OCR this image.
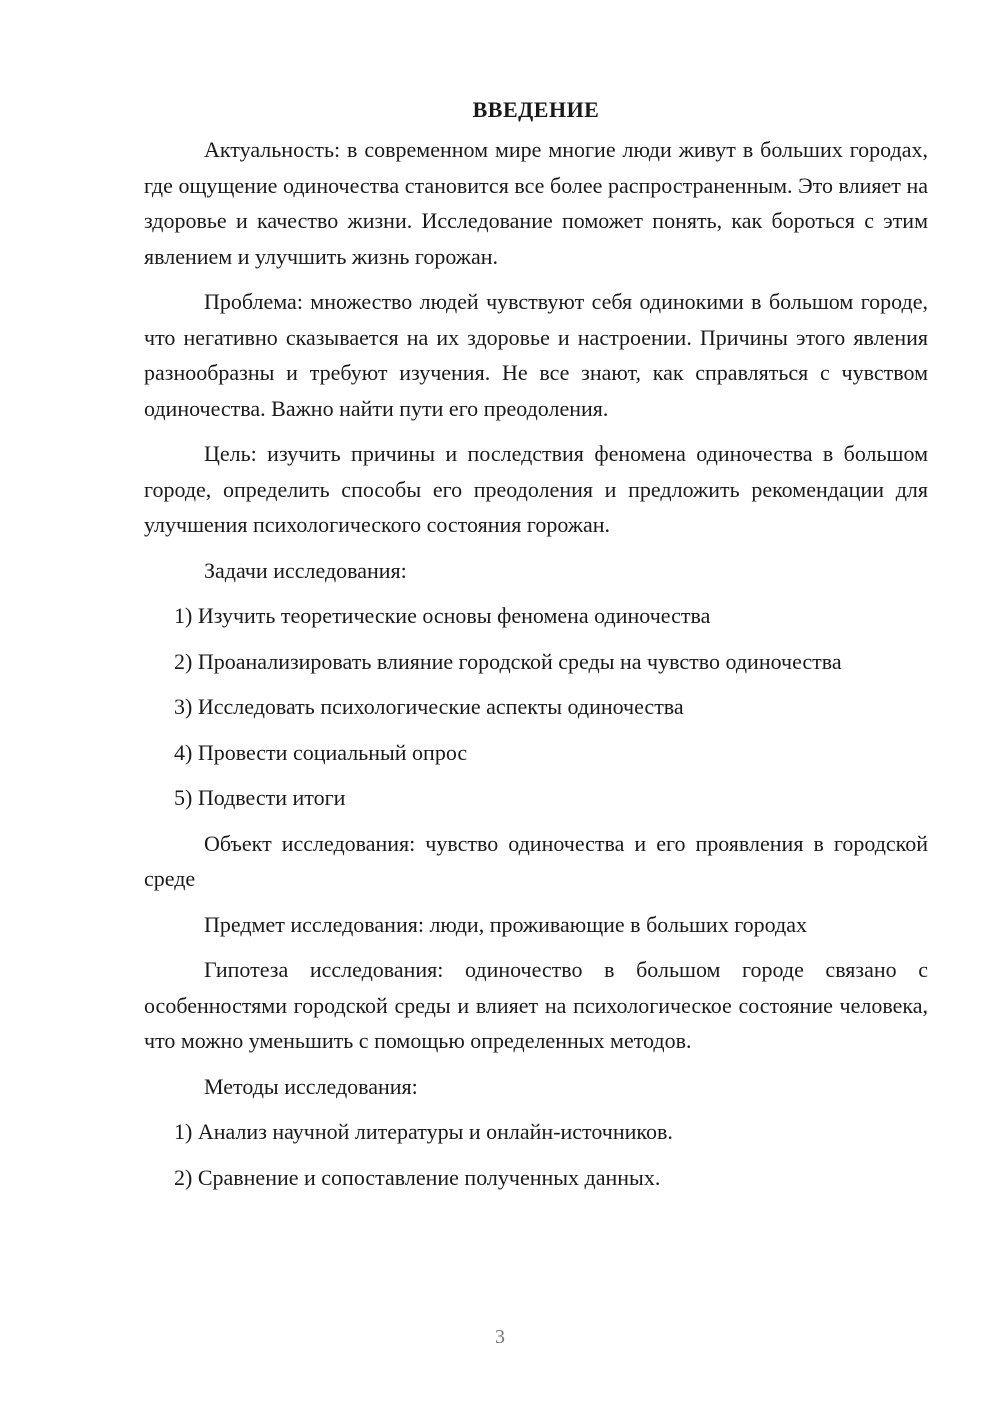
ВВЕДЕНИЕ

Актуальность: в современном мире многие люди живут в больших городах, где ощущение одиночества становится все более распространенным. Это влияет на здоровье и качество жизни. Исследование поможет понять, как бороться с этим явлением и улучшить жизнь горожан.

Проблема: множество людей чувствуют себя одинокими в большом городе, что негативно сказывается на их здоровье и настроении. Причины этого явления разнообразны и требуют изучения. Не все знают, как справляться с чувством одиночества. Важно найти пути его преодоления.

Цель: изучить причины и последствия феномена одиночества в большом городе, определить способы его преодоления и предложить рекомендации для улучшения психологического состояния горожан.

Задачи исследования:

1) Изучить теоретические основы феномена одиночества

2) Проанализировать влияние городской среды на чувство одиночества

3) Исследовать психологические аспекты одиночества

4) Провести социальный опрос

5) Подвести итоги

Объект исследования: чувство одиночества и его проявления в городской среде

Предмет исследования: люди, проживающие в больших городах

Гипотеза исследования: одиночество в большом городе связано с особенностями городской среды и влияет на психологическое состояние человека, что можно уменьшить с помощью определенных методов.

Методы исследования:

1) Анализ научной литературы и онлайн-источников.

2) Сравнение и сопоставление полученных данных.

3
